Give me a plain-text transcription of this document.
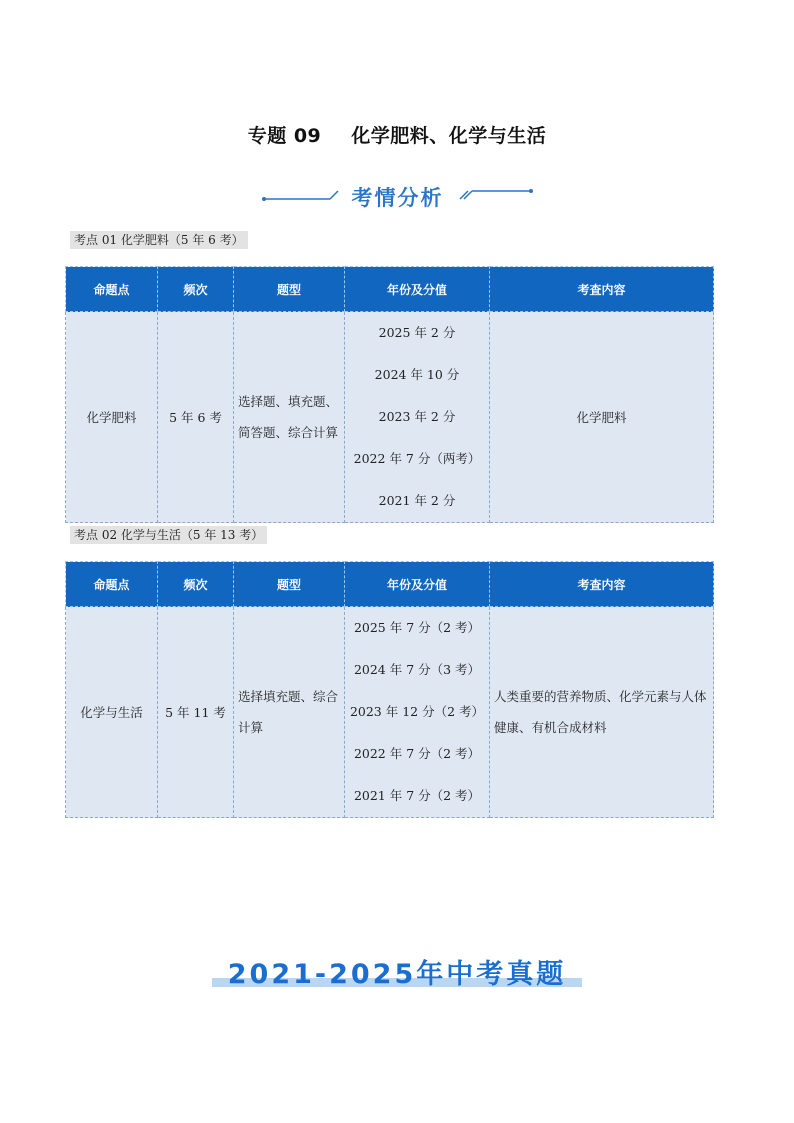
专题 09 化学肥料、化学与生活
考情分析
考点 01 化学肥料（5 年 6 考）
命题点	频次	题型	年份及分值	考查内容
化学肥料	5 年 6 考	选择题、填充题、简答题、综合计算	2025 年 2 分
2024 年 10 分
2023 年 2 分
2022 年 7 分（两考）
2021 年 2 分	化学肥料
考点 02 化学与生活（5 年 13 考）
命题点	频次	题型	年份及分值	考查内容
化学与生活	5 年 11 考	选择填充题、综合计算	2025 年 7 分（2 考）
2024 年 7 分（3 考）
2023 年 12 分（2 考）
2022 年 7 分（2 考）
2021 年 7 分（2 考）	人类重要的营养物质、化学元素与人体健康、有机合成材料
2021-2025年中考真题
